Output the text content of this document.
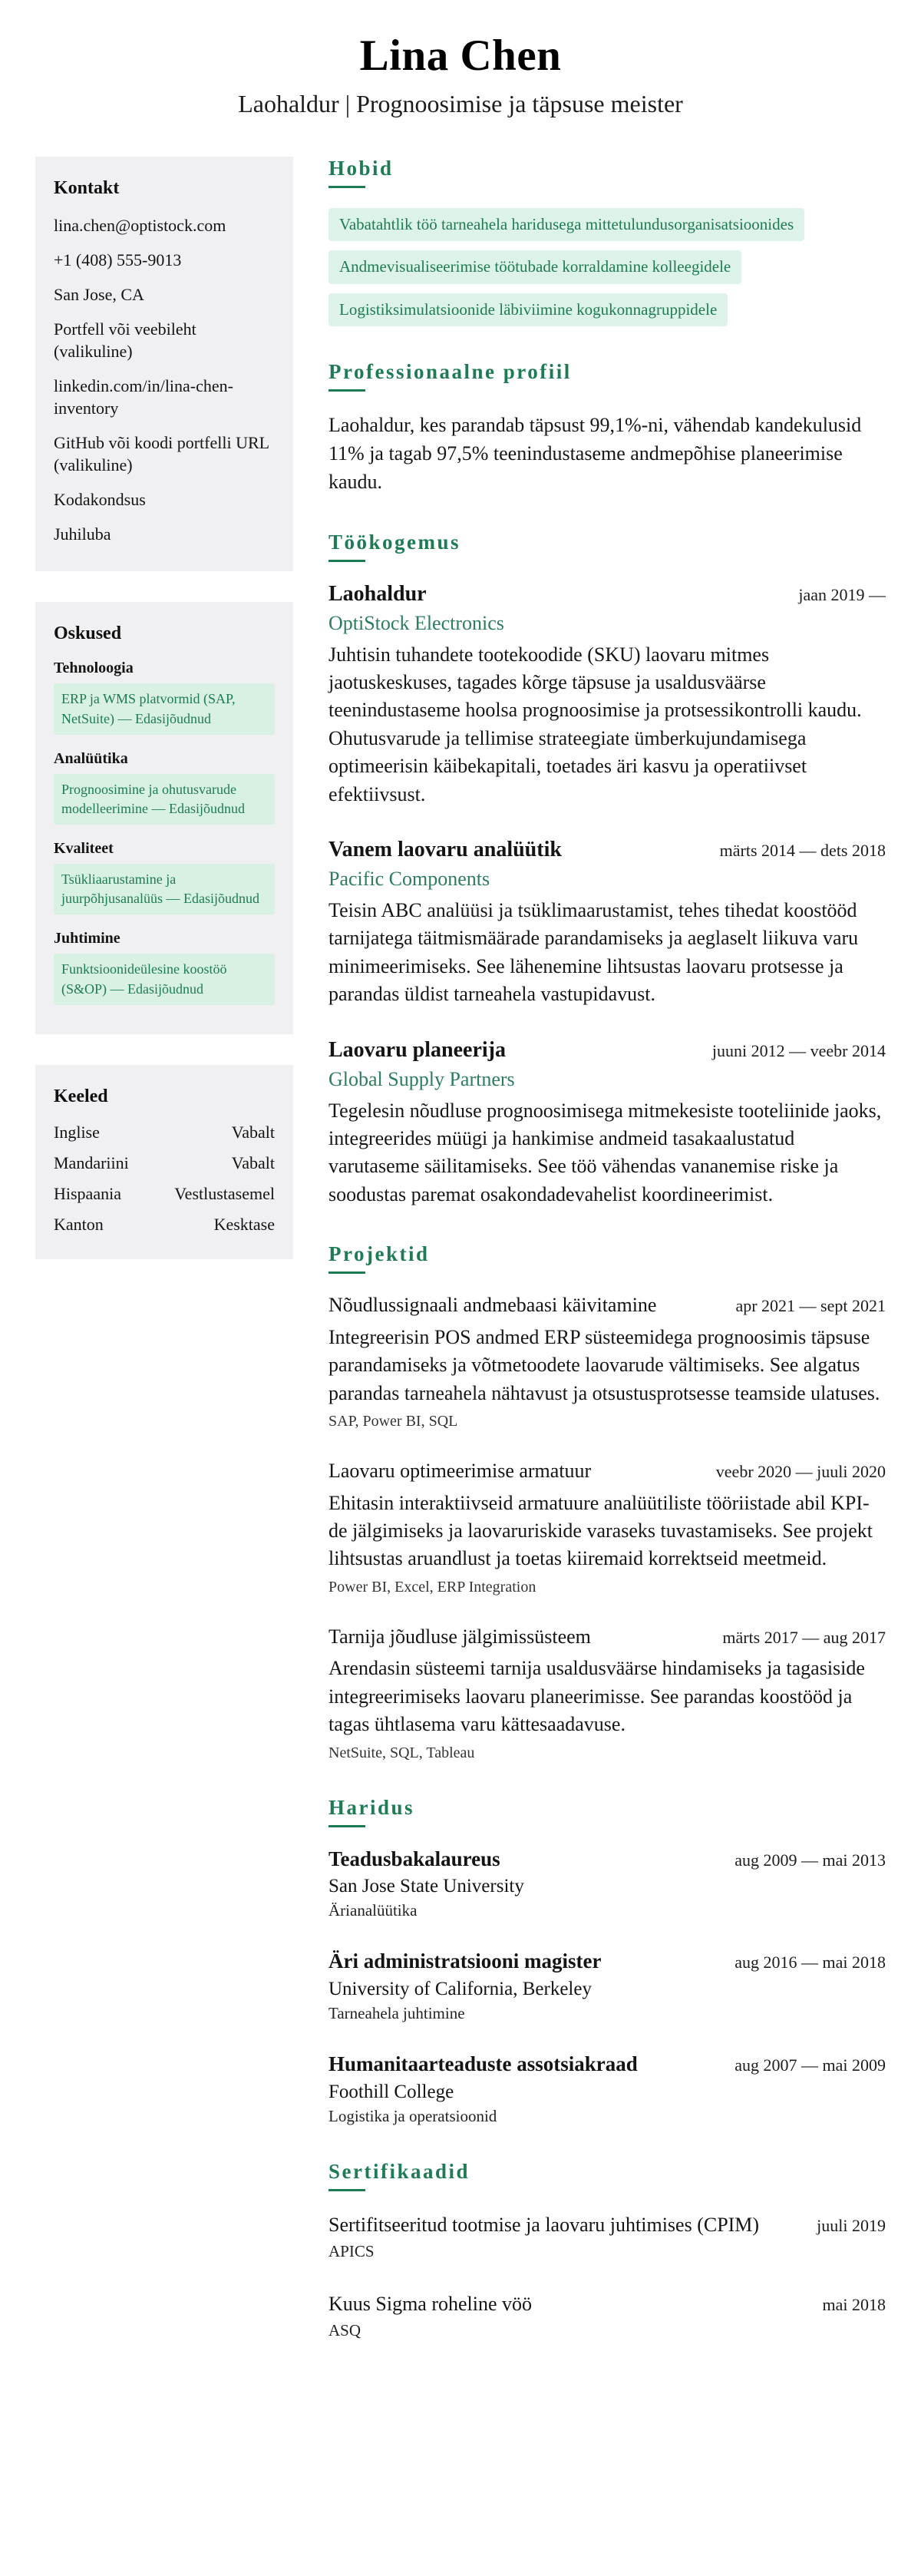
Lina Chen
Laohaldur | Prognoosimise ja täpsuse meister
Kontakt
lina.chen@optistock.com
+1 (408) 555-9013
San Jose, CA
Portfell või veebileht (valikuline)
linkedin.com/in/lina-chen-inventory
GitHub või koodi portfelli URL (valikuline)
Kodakondsus
Juhiluba
Oskused
Tehnoloogia
ERP ja WMS platvormid (SAP, NetSuite) — Edasijõudnud
Analüütika
Prognoosimine ja ohutusvarude modelleerimine — Edasijõudnud
Kvaliteet
Tsükliaarustamine ja juurpõhjusanalüüs — Edasijõudnud
Juhtimine
Funktsioonideülesine koostöö (S&OP) — Edasijõudnud
Keeled
Inglise	Vabalt
Mandariini	Vabalt
Hispaania	Vestlustasemel
Kanton	Kesktase
Hobid
Vabatahtlik töö tarneahela haridusega mittetulundusorganisatsioonides
Andmevisualiseerimise töötubade korraldamine kolleegidele
Logistiksimulatsioonide läbiviimine kogukonnagruppidele
Professionaalne profiil

Laohaldur, kes parandab täpsust 99,1%-ni, vähendab kandekulusid 11% ja tagab 97,5% teenindustaseme andmepõhise planeerimise kaudu.

Töökogemus
Laohaldur	jaan 2019 —
OptiStock Electronics

Juhtisin tuhandete tootekoodide (SKU) laovaru mitmes jaotuskeskuses, tagades kõrge täpsuse ja usaldusväärse teenindustaseme hoolsa prognoosimise ja protsessikontrolli kaudu. Ohutusvarude ja tellimise strateegiate ümberkujundamisega optimeerisin käibekapitali, toetades äri kasvu ja operatiivset efektiivsust.

Vanem laovaru analüütik	märts 2014 — dets 2018
Pacific Components

Teisin ABC analüüsi ja tsüklimaarustamist, tehes tihedat koostööd tarnijatega täitmismäärade parandamiseks ja aeglaselt liikuva varu minimeerimiseks. See lähenemine lihtsustas laovaru protsesse ja parandas üldist tarneahela vastupidavust.

Laovaru planeerija	juuni 2012 — veebr 2014
Global Supply Partners

Tegelesin nõudluse prognoosimisega mitmekesiste tooteliinide jaoks, integreerides müügi ja hankimise andmeid tasakaalustatud varutaseme säilitamiseks. See töö vähendas vananemise riske ja soodustas paremat osakondadevahelist koordineerimist.

Projektid
Nõudlussignaali andmebaasi käivitamine	apr 2021 — sept 2021

Integreerisin POS andmed ERP süsteemidega prognoosimis täpsuse parandamiseks ja võtmetoodete laovarude vältimiseks. See algatus parandas tarneahela nähtavust ja otsustusprotsesse teamside ulatuses.

SAP, Power BI, SQL
Laovaru optimeerimise armatuur	veebr 2020 — juuli 2020

Ehitasin interaktiivseid armatuure analüütiliste tööriistade abil KPI-de jälgimiseks ja laovaruriskide varaseks tuvastamiseks. See projekt lihtsustas aruandlust ja toetas kiiremaid korrektseid meetmeid.

Power BI, Excel, ERP Integration
Tarnija jõudluse jälgimissüsteem	märts 2017 — aug 2017

Arendasin süsteemi tarnija usaldusväärse hindamiseks ja tagasiside integreerimiseks laovaru planeerimisse. See parandas koostööd ja tagas ühtlasema varu kättesaadavuse.

NetSuite, SQL, Tableau
Haridus
Teadusbakalaureus	aug 2009 — mai 2013
San Jose State University
Ärianalüütika
Äri administratsiooni magister	aug 2016 — mai 2018
University of California, Berkeley
Tarneahela juhtimine
Humanitaarteaduste assotsiakraad	aug 2007 — mai 2009
Foothill College
Logistika ja operatsioonid
Sertifikaadid
Sertifitseeritud tootmise ja laovaru juhtimises (CPIM)	juuli 2019
APICS
Kuus Sigma roheline vöö	mai 2018
ASQ
